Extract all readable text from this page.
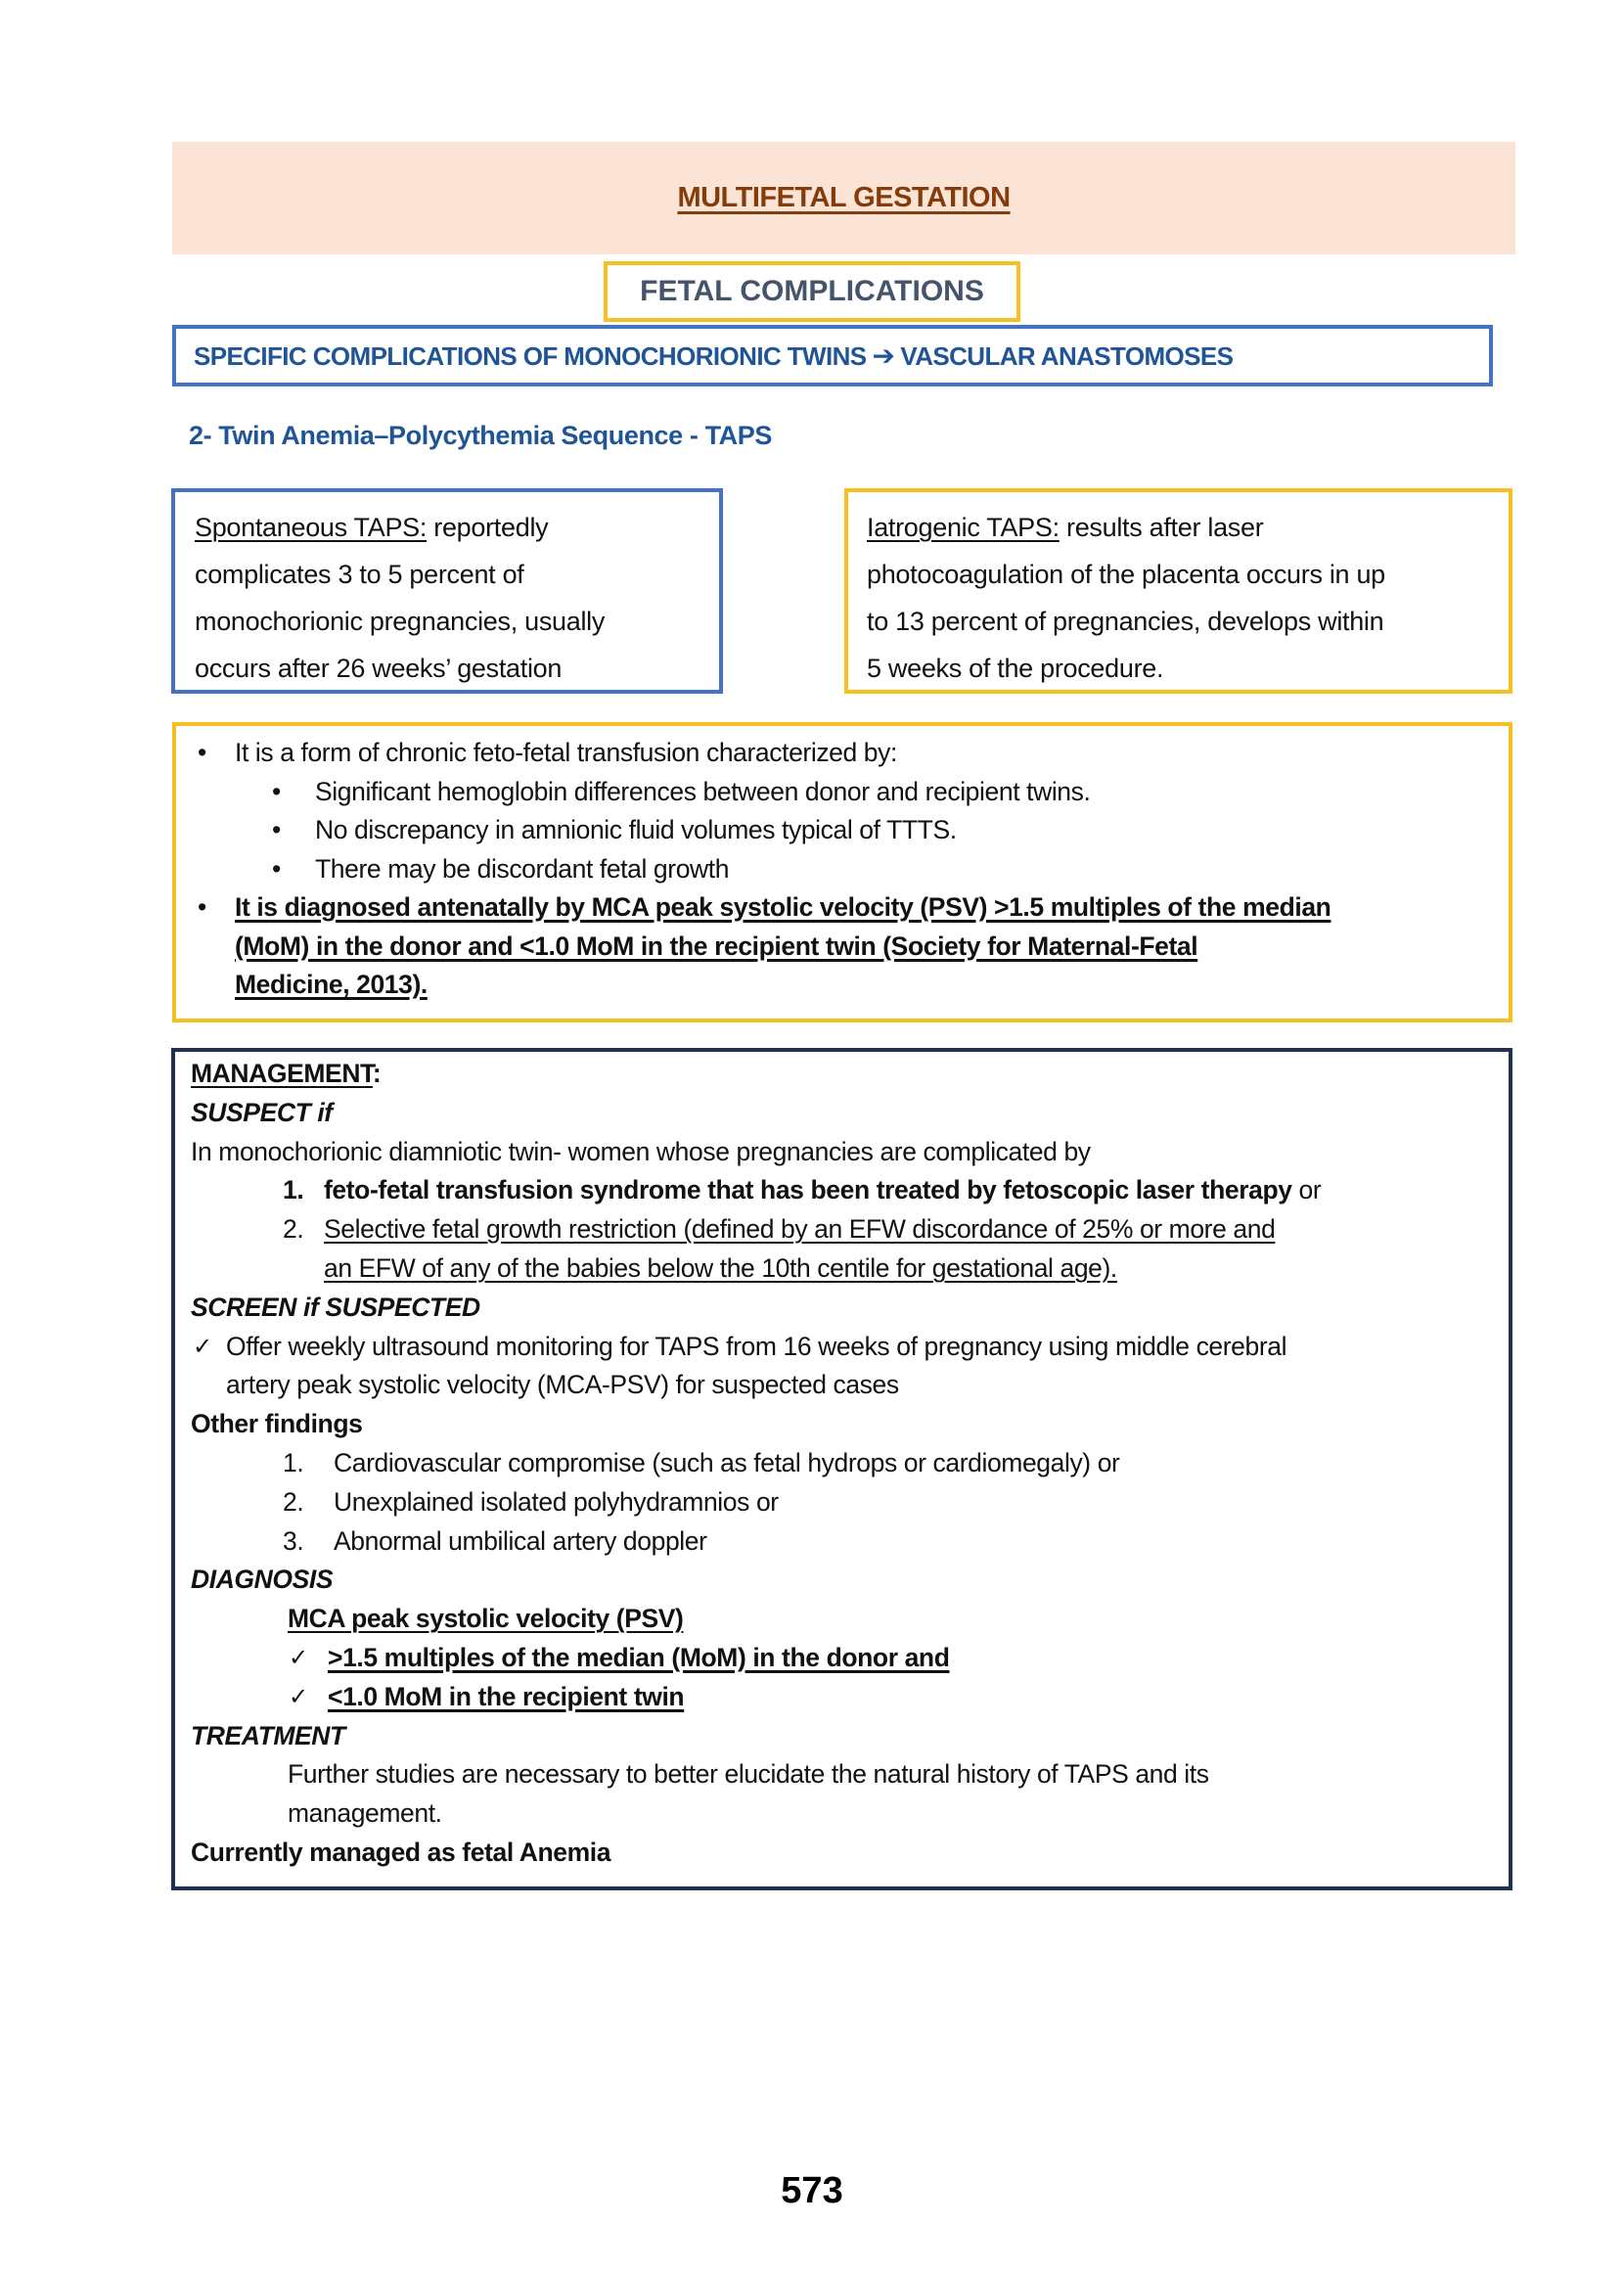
MULTIFETAL GESTATION
FETAL COMPLICATIONS
SPECIFIC COMPLICATIONS OF MONOCHORIONIC TWINS ➔ VASCULAR ANASTOMOSES
2- Twin Anemia–Polycythemia Sequence - TAPS
Spontaneous TAPS: reportedly
complicates 3 to 5 percent of
monochorionic pregnancies, usually
occurs after 26 weeks’ gestation
Iatrogenic TAPS: results after laser
photocoagulation of the placenta occurs in up
to 13 percent of pregnancies, develops within
5 weeks of the procedure.
• It is a form of chronic feto-fetal transfusion characterized by:
• Significant hemoglobin differences between donor and recipient twins.
• No discrepancy in amnionic fluid volumes typical of TTTS.
• There may be discordant fetal growth
• It is diagnosed antenatally by MCA peak systolic velocity (PSV) >1.5 multiples of the median
(MoM) in the donor and <1.0 MoM in the recipient twin (Society for Maternal-Fetal
Medicine, 2013).
MANAGEMENT:
SUSPECT if
In monochorionic diamniotic twin- women whose pregnancies are complicated by
1. feto-fetal transfusion syndrome that has been treated by fetoscopic laser therapy or
2. Selective fetal growth restriction (defined by an EFW discordance of 25% or more and
an EFW of any of the babies below the 10th centile for gestational age).
SCREEN if SUSPECTED
✓ Offer weekly ultrasound monitoring for TAPS from 16 weeks of pregnancy using middle cerebral
artery peak systolic velocity (MCA-PSV) for suspected cases
Other findings
1. Cardiovascular compromise (such as fetal hydrops or cardiomegaly) or
2. Unexplained isolated polyhydramnios or
3. Abnormal umbilical artery doppler
DIAGNOSIS
MCA peak systolic velocity (PSV)
✓ >1.5 multiples of the median (MoM) in the donor and
✓ <1.0 MoM in the recipient twin
TREATMENT
Further studies are necessary to better elucidate the natural history of TAPS and its
management.
Currently managed as fetal Anemia
573
